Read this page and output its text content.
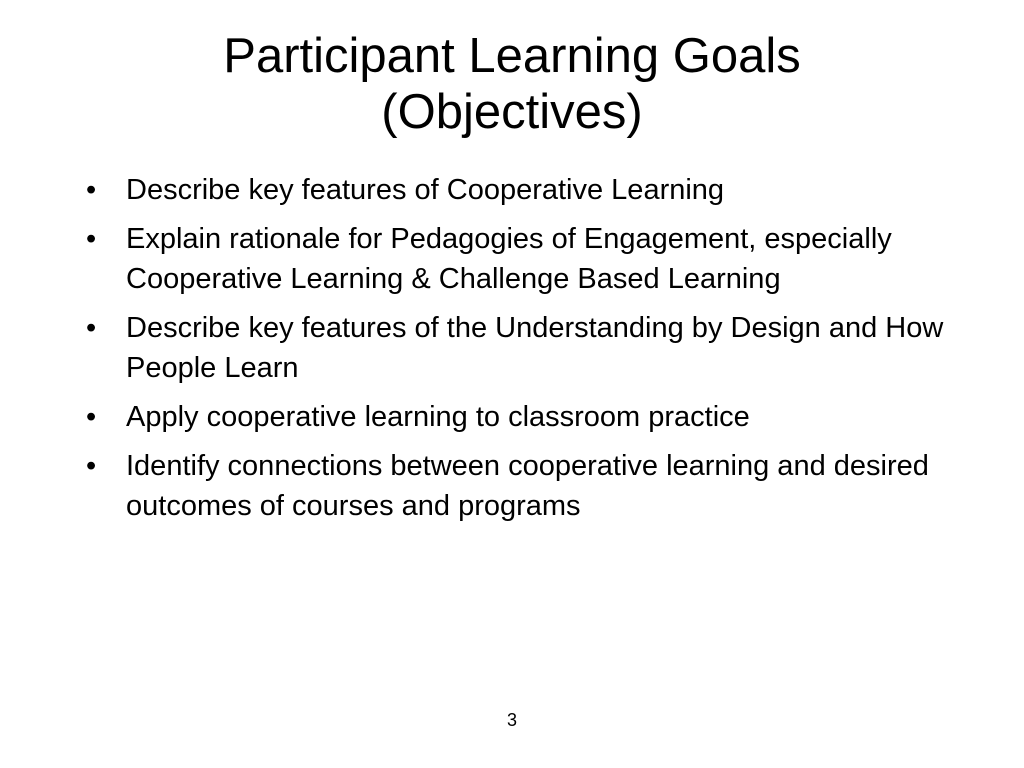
Participant Learning Goals
(Objectives)
•	Describe key features of Cooperative Learning
•	Explain rationale for Pedagogies of Engagement, especially Cooperative Learning & Challenge Based Learning
•	Describe key features of the Understanding by Design and How People Learn
•	Apply cooperative learning to classroom practice
•	Identify connections between cooperative learning and desired outcomes of courses and programs
3
